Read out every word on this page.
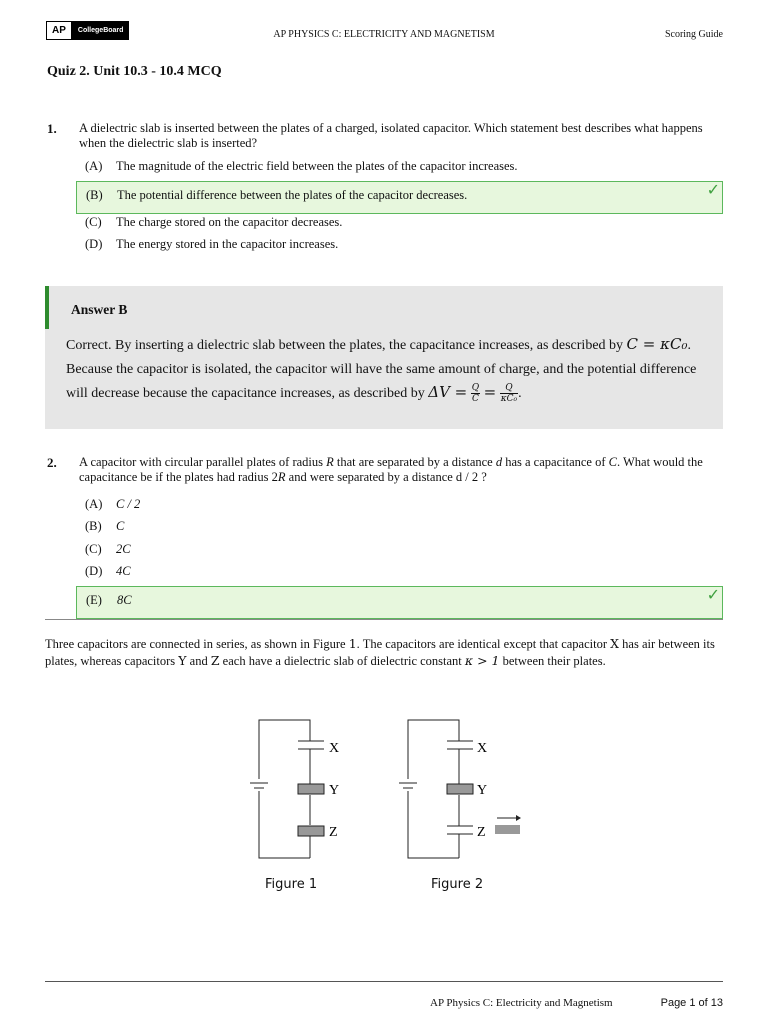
AP	CollegeBoard	AP PHYSICS C: ELECTRICITY AND MAGNETISM	Scoring Guide
Quiz 2. Unit 10.3 - 10.4 MCQ
1. A dielectric slab is inserted between the plates of a charged, isolated capacitor. Which statement best describes what happens when the dielectric slab is inserted?
(A)	The magnitude of the electric field between the plates of the capacitor increases.
(B)	The potential difference between the plates of the capacitor decreases.	✓
(C)	The charge stored on the capacitor decreases.
(D)	The energy stored in the capacitor increases.
Answer B
Correct. By inserting a dielectric slab between the plates, the capacitance increases, as described by C = κC₀. Because the capacitor is isolated, the capacitor will have the same amount of charge, and the potential difference will decrease because the capacitance increases, as described by $\Delta V = \frac{Q}{C} = \frac{Q}{\text{κC₀}}$ .
2. A capacitor with circular parallel plates of radius R that are separated by a distance d has a capacitance of C. What would the capacitance be if the plates had radius 2R and were separated by a distance d / 2 ?
(A)	C / 2
(B)	C
(C)	2C
(D)	4C
(E)	8C	✓
Three capacitors are connected in series, as shown in Figure 1. The capacitors are identical except that capacitor X has air between its plates, whereas capacitors Y and Z each have a dielectric slab of dielectric constant κ > 1 between their plates.
X
Y
Z
X
Y
Z
Figure 1	Figure 2
AP Physics C: Electricity and Magnetism	Page 1 of 13
